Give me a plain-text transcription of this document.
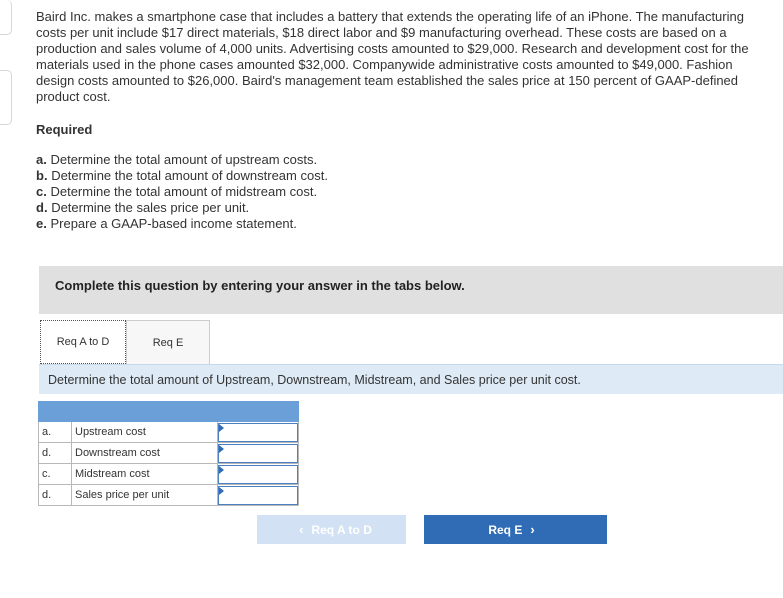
Baird Inc. makes a smartphone case that includes a battery that extends the operating life of an iPhone. The manufacturing costs per unit include $17 direct materials, $18 direct labor and $9 manufacturing overhead. These costs are based on a production and sales volume of 4,000 units. Advertising costs amounted to $29,000. Research and development cost for the materials used in the phone cases amounted $32,000. Companywide administrative costs amounted to $49,000. Fashion design costs amounted to $26,000. Baird's management team established the sales price at 150 percent of GAAP-defined product cost.

Required
a. Determine the total amount of upstream costs.
b. Determine the total amount of downstream cost.
c. Determine the total amount of midstream cost.
d. Determine the sales price per unit.
e. Prepare a GAAP-based income statement.
Complete this question by entering your answer in the tabs below.
Req A to D	Req E
Determine the total amount of Upstream, Downstream, Midstream, and Sales price per unit cost.

a.	Upstream cost	

d.	Downstream cost	

c.	Midstream cost	

d.	Sales price per unit	
‹ Req A to D	Req E ›
